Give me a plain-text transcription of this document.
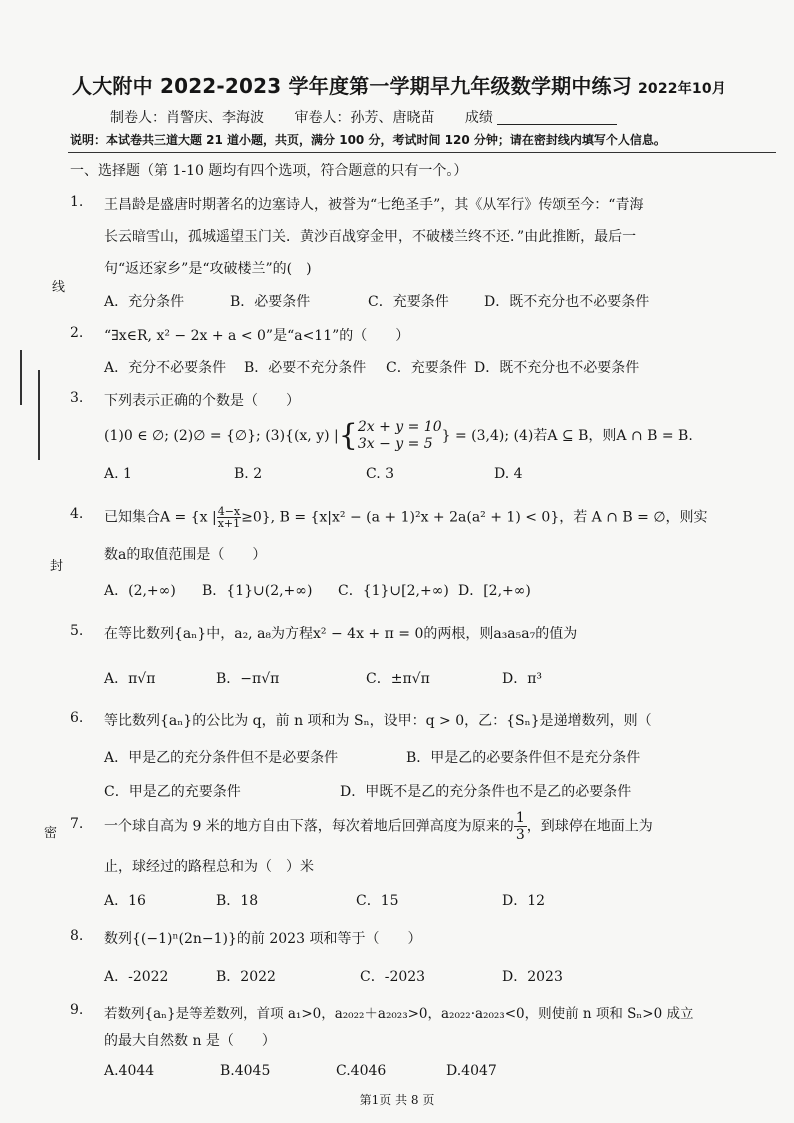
线
封
密
人大附中 2022-2023 学年度第一学期早九年级数学期中练习 2022年10月
制卷人：肖警庆、李海波 审卷人：孙芳、唐晓苗 成绩
说明：本试卷共三道大题 21 道小题，共页，满分 100 分，考试时间 120 分钟；请在密封线内填写个人信息。
一、选择题（第 1-10 题均有四个选项，符合题意的只有一个。）
1.	王昌龄是盛唐时期著名的边塞诗人，被誉为“七绝圣手”，其《从军行》传颂至今：“青海
长云暗雪山，孤城遥望玉门关．黄沙百战穿金甲，不破楼兰终不还．”由此推断，最后一
句“返还家乡”是“攻破楼兰”的(　)
A．充分条件	B．必要条件	C．充要条件	D．既不充分也不必要条件
2.	“∃x∈R, x² − 2x + a < 0”是“a<11”的（　　）
A．充分不必要条件 B．必要不充分条件 C．充要条件 D．既不充分也不必要条件
3.	下列表示正确的个数是（　　）
(1)0 ∈ ∅; (2)∅ = {∅}; (3){(x, y) |{ 2x + y = 10
3x − y = 5 } = (3,4); (4)若A ⊆ B，则A ∩ B = B.
A. 1	B. 2	C. 3	D. 4
4.	已知集合A = {x | $\frac{4-x}{x+1}\ge 0$}, B = {x|x² − (a + 1)²x + 2a(a² + 1) < 0}，若 A ∩ B = ∅，则实
数a的取值范围是（　　）
A．(2,+∞) B．{1}∪(2,+∞) C．{1}∪[2,+∞) D．[2,+∞)
5.	在等比数列{aₙ}中，a₂, a₈为方程x² − 4x + π = 0的两根，则a₃a₅a₇的值为
A．π√π	B．−π√π	C．±π√π	D．π³
6.	等比数列{aₙ}的公比为 q，前 n 项和为 Sₙ，设甲：q > 0，乙：{Sₙ}是递增数列，则（
A．甲是乙的充分条件但不是必要条件	B．甲是乙的必要条件但不是充分条件
C．甲是乙的充要条件	D．甲既不是乙的充分条件也不是乙的必要条件
7.	一个球自高为 9 米的地方自由下落，每次着地后回弹高度为原来的 $\frac{1}{3}$，到球停在地面上为
止，球经过的路程总和为（　）米
A．16	B．18	C．15	D．12
8.	数列{(−1)ⁿ(2n−1)}的前 2023 项和等于（　　）
A．-2022	B．2022	C．-2023	D．2023
9.	若数列{aₙ}是等差数列，首项 a₁>0，a₂₀₂₂＋a₂₀₂₃>0，a₂₀₂₂·a₂₀₂₃<0，则使前 n 项和 Sₙ>0 成立
的最大自然数 n 是（　　）
A.4044	B.4045	C.4046	D.4047
第1页 共 8 页
